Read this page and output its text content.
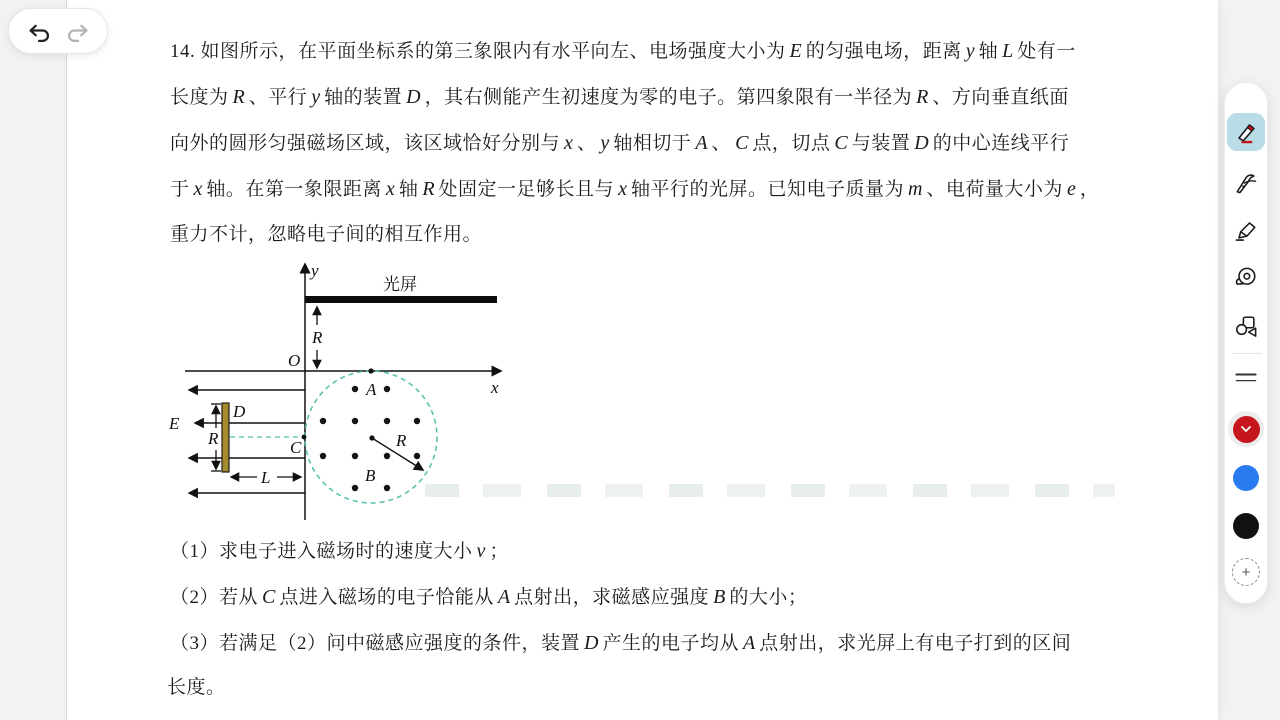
14. 如图所示，在平面坐标系的第三象限内有水平向左、电场强度大小为 E 的匀强电场，距离 y 轴 L 处有一
长度为 R 、平行 y 轴的装置 D ，其右侧能产生初速度为零的电子。第四象限有一半径为 R 、方向垂直纸面
向外的圆形匀强磁场区域，该区域恰好分别与 x 、 y 轴相切于 A 、 C 点，切点 C 与装置 D 的中心连线平行
于 x 轴。在第一象限距离 x 轴 R 处固定一足够长且与 x 轴平行的光屏。已知电子质量为 m 、电荷量大小为 e ，
重力不计，忽略电子间的相互作用。
（1）求电子进入磁场时的速度大小 v ；
（2）若从 C 点进入磁场的电子恰能从 A 点射出，求磁感应强度 B 的大小；
（3）若满足（2）问中磁感应强度的条件，装置 D 产生的电子均从 A 点射出，求光屏上有电子打到的区间
长度。
E
y
x
O
光屏
R
A
B
C	R
D
R
L
+
